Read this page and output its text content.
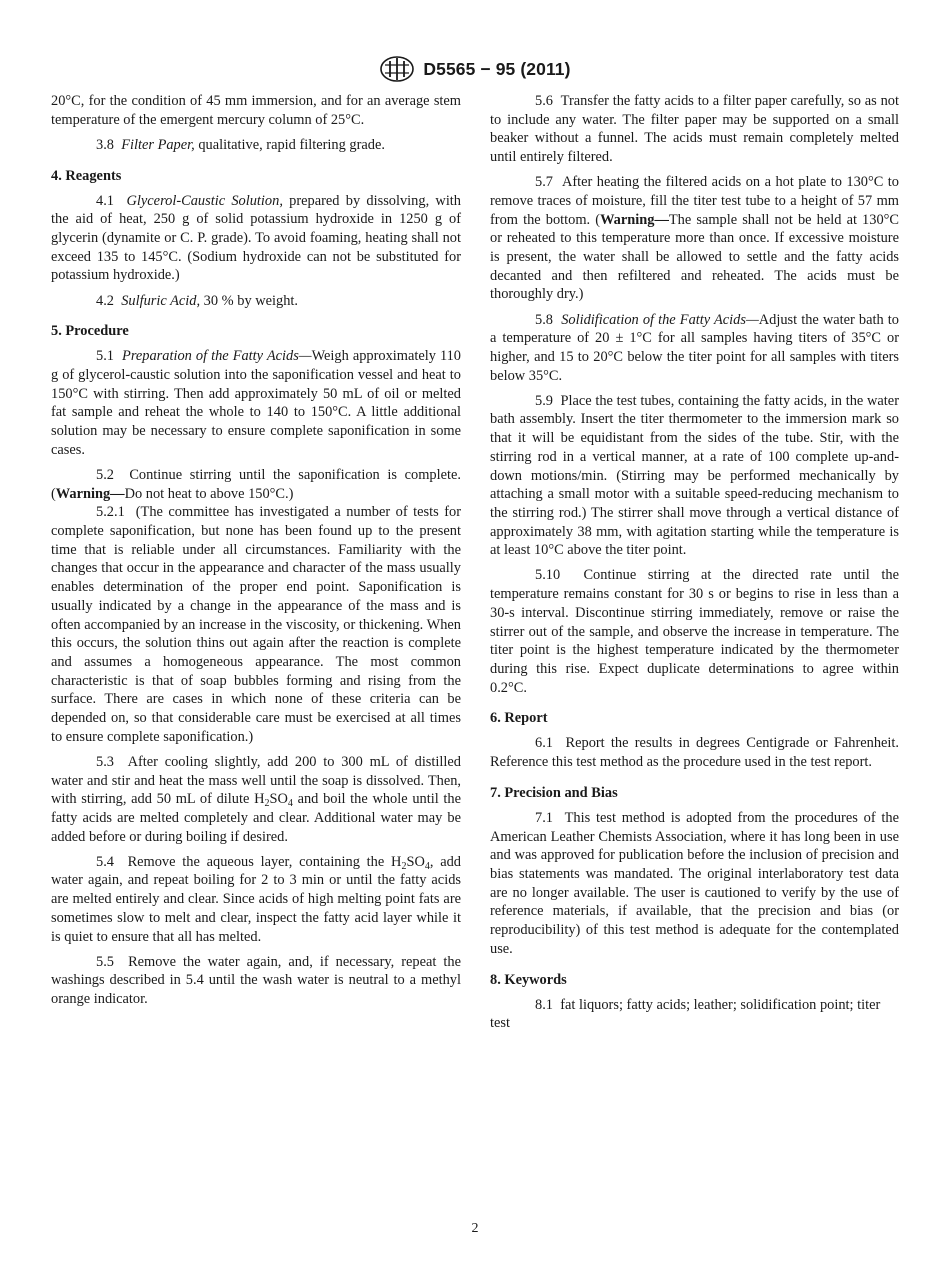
D5565 − 95 (2011)

20°C, for the condition of 45 mm immersion, and for an average stem temperature of the emergent mercury column of 25°C.

3.8 Filter Paper, qualitative, rapid filtering grade.

4. Reagents

4.1 Glycerol-Caustic Solution, prepared by dissolving, with the aid of heat, 250 g of solid potassium hydroxide in 1250 g of glycerin (dynamite or C. P. grade). To avoid foaming, heating shall not exceed 135 to 145°C. (Sodium hydroxide can not be substituted for potassium hydroxide.)

4.2 Sulfuric Acid, 30 % by weight.

5. Procedure

5.1 Preparation of the Fatty Acids—Weigh approximately 110 g of glycerol-caustic solution into the saponification vessel and heat to 150°C with stirring. Then add approximately 50 mL of oil or melted fat sample and reheat the whole to 140 to 150°C. A little additional solution may be necessary to ensure complete saponification in some cases.

5.2 Continue stirring until the saponification is complete. (Warning—Do not heat to above 150°C.)

5.2.1 (The committee has investigated a number of tests for complete saponification, but none has been found up to the present time that is reliable under all circumstances. Familiarity with the changes that occur in the appearance and character of the mass usually enables determination of the proper end point. Saponification is usually indicated by a change in the appearance of the mass and is often accompanied by an increase in the viscosity, or thickening. When this occurs, the solution thins out again after the reaction is complete and assumes a homogeneous appearance. The most common characteristic is that of soap bubbles forming and rising from the surface. There are cases in which none of these criteria can be depended on, so that considerable care must be exercised at all times to ensure complete saponification.)

5.3 After cooling slightly, add 200 to 300 mL of distilled water and stir and heat the mass well until the soap is dissolved. Then, with stirring, add 50 mL of dilute $H_2SO_4$ and boil the whole until the fatty acids are melted completely and clear. Additional water may be added before or during boiling if desired.

5.4 Remove the aqueous layer, containing the $H_2SO_4$, add water again, and repeat boiling for 2 to 3 min or until the fatty acids are melted entirely and clear. Since acids of high melting point fats are sometimes slow to melt and clear, inspect the fatty acid layer while it is quiet to ensure that all has melted.

5.5 Remove the water again, and, if necessary, repeat the washings described in 5.4 until the wash water is neutral to a methyl orange indicator.

5.6 Transfer the fatty acids to a filter paper carefully, so as not to include any water. The filter paper may be supported on a small beaker without a funnel. The acids must remain completely melted until entirely filtered.

5.7 After heating the filtered acids on a hot plate to 130°C to remove traces of moisture, fill the titer test tube to a height of 57 mm from the bottom. (Warning—The sample shall not be held at 130°C or reheated to this temperature more than once. If excessive moisture is present, the water shall be allowed to settle and the fatty acids decanted and then refiltered and reheated. The acids must be thoroughly dry.)

5.8 Solidification of the Fatty Acids—Adjust the water bath to a temperature of 20 ± 1°C for all samples having titers of 35°C or higher, and 15 to 20°C below the titer point for all samples with titers below 35°C.

5.9 Place the test tubes, containing the fatty acids, in the water bath assembly. Insert the titer thermometer to the immersion mark so that it will be equidistant from the sides of the tube. Stir, with the stirring rod in a vertical manner, at a rate of 100 complete up-and-down motions/min. (Stirring may be performed mechanically by attaching a small motor with a suitable speed-reducing mechanism to the stirring rod.) The stirrer shall move through a vertical distance of approximately 38 mm, with agitation starting while the temperature is at least 10°C above the titer point.

5.10 Continue stirring at the directed rate until the temperature remains constant for 30 s or begins to rise in less than a 30-s interval. Discontinue stirring immediately, remove or raise the stirrer out of the sample, and observe the increase in temperature. The titer point is the highest temperature indicated by the thermometer during this rise. Expect duplicate determinations to agree within 0.2°C.

6. Report

6.1 Report the results in degrees Centigrade or Fahrenheit. Reference this test method as the procedure used in the test report.

7. Precision and Bias

7.1 This test method is adopted from the procedures of the American Leather Chemists Association, where it has long been in use and was approved for publication before the inclusion of precision and bias statements was mandated. The original interlaboratory test data are no longer available. The user is cautioned to verify by the use of reference materials, if available, that the precision and bias (or reproducibility) of this test method is adequate for the contemplated use.

8. Keywords

8.1 fat liquors; fatty acids; leather; solidification point; titer test

2
